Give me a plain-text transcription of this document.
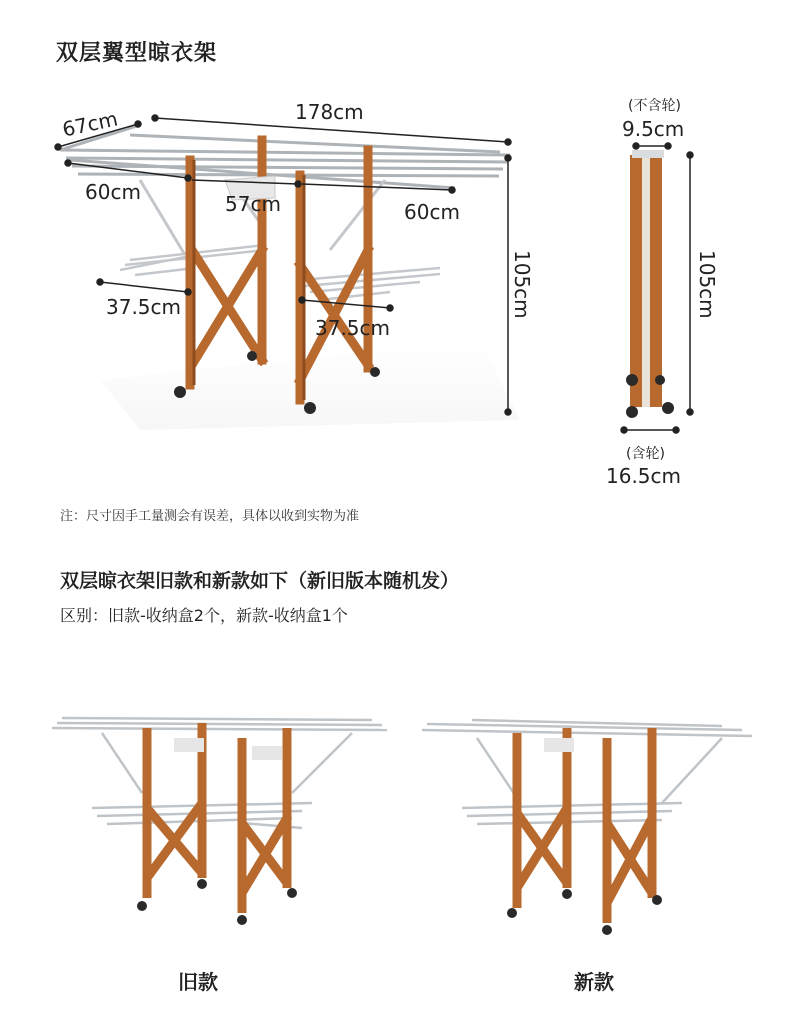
双层翼型晾衣架
178cm
67cm
60cm	57cm	60cm
37.5cm
37.5cm
105cm
(不含轮)
9.5cm
105cm
(含轮)
16.5cm
注：尺寸因手工量测会有误差，具体以收到实物为准
双层晾衣架旧款和新款如下（新旧版本随机发）
区别：旧款-收纳盒2个，新款-收纳盒1个
旧款	新款
